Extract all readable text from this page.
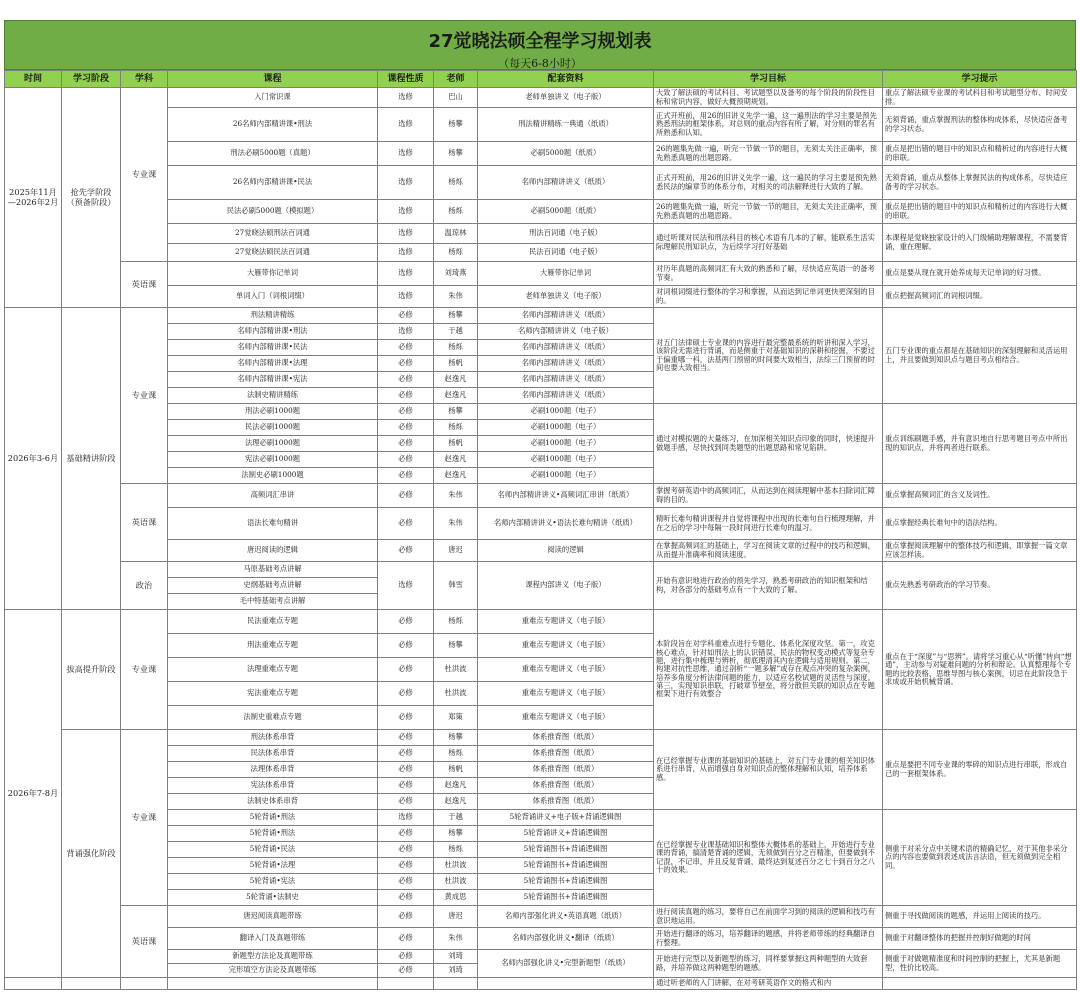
27觉晓法硕全程学习规划表
（每天6-8小时）
时间	学习阶段	学科	课程	课程性质	老师	配套资料	学习目标	学习提示
2025年11月—2026年2月	抢先学阶段（预备阶段）	专业课	入门常识课	选修	巴山	老师单独讲义（电子版）	大致了解法硕的考试科目、考试题型以及备考的每个阶段的阶段性目标和常识内容，做好大概预期规划。	重点了解法硕专业课的考试科目和考试题型分布、时间安排。
			26名师内部精讲课•刑法	选修	杨攀	刑法精讲精练一典通（纸质）	正式开班前，用26的旧讲义先学一遍，这一遍刑法的学习主要是预先熟悉刑法的框架体系，对总则的重点内容有所了解，对分则的罪名有所熟悉和认知。	无须背诵，重点掌握刑法的整体构成体系，尽快适应备考的学习状态。
			刑法必刷5000题（真题）	选修	杨攀	必刷5000题（纸质）	26的题集先做一遍，听完一节做一节的题目，无须太关注正确率，预先熟悉真题的出题思路。	重点是把出错的题目中的知识点和精析过的内容进行大概的串联。
			26名师内部精讲课•民法	选修	杨烁	名师内部精讲讲义（纸质）	正式开班前，用26的旧讲义先学一遍，这一遍民的学习主要是预先熟悉民法的编章节的体系分布，对相关的司法解释进行大致的了解。	无须背诵，重点从整体上掌握民法的构成体系，尽快适应备考的学习状态。
			民法必刷5000题（模拟题）	选修	杨烁	必刷5000题（纸质）	26的题集先做一遍，听完一节做一节的题目，无须太关注正确率，预先熟悉真题的出题思路。	重点是把出错的题目中的知识点和精析过的内容进行大概的串联。
			27觉晓法硕刑法百词通	选修	温琼林	刑法百词通（电子版）	通过听课对民法和刑法科目的核心术语有几本的了解，能联系生活实际理解民刑知识点，为后续学习打好基础	本课程是觉晓独家设计的入门级辅助理解课程，不需要背诵，重在理解。
			27觉晓法硕民法百词通	选修	杨烁	民法百词通（电子版）		
		英语课	大雁带你记单词	选修	刘琦燕	大雁带你记单词	对历年真题的高频词汇有大致的熟悉和了解，尽快适应英语一的备考节奏。	重点是要从现在就开始养成每天记单词的好习惯。
			单词入门（词根词缀）	选修	朱伟	老师单独讲义（电子版）	对词根词缀进行整体的学习和掌握，从而达到记单词更快更深刻的目的。	重点把握高频词汇的词根词缀。
2026年3-6月	基础精讲阶段	专业课	刑法精讲精练	必修	杨攀	名师内部精讲讲义（纸质）	对五门法律硕士专业课的内容进行最完整最系统的听讲和深入学习，该阶段无需进行背诵，而是侧重于对基础知识的深耕和挖掘，不要过于偏重哪一科，法基两门预留的时间要大致相当，法综三门预留的时间也要大致相当。	五门专业课的重点都是在基础知识的深刻理解和灵活运用上，并且要做到知识点与题目考点相结合。
			名师内部精讲课•刑法	选修	于越	名师内部精讲讲义（电子版）		
			名师内部精讲课•民法	必修	杨烁	名师内部精讲讲义（纸质）		
			名师内部精讲课•法理	必修	杨帆	名师内部精讲讲义（纸质）		
			名师内部精讲课•宪法	必修	赵逸凡	名师内部精讲讲义（纸质）		
			法制史精讲精练	必修	赵逸凡	名师内部精讲讲义（纸质）		
			刑法必刷1000题	必修	杨攀	必刷1000题（电子）	通过对模拟题的大量练习，在加深相关知识点印象的同时，快速提升做题手感，尽快找到同类题型的出题思路和常见陷阱。	重点训练刷题手感，并有意识地自行思考题目考点中所出现的知识点，并将两者进行联系。
			民法必刷1000题	必修	杨烁	必刷1000题（电子）		
			法理必刷1000题	必修	杨帆	必刷1000题（电子）		
			宪法必刷1000题	必修	赵逸凡	必刷1000题（电子）		
			法制史必刷1000题	必修	赵逸凡	必刷1000题（电子）		
		英语课	高频词汇串讲	必修	朱伟	名师内部精讲讲义•高频词汇串讲（纸质）	掌握考研英语中的高频词汇，从而达到在阅读理解中基本扫除词汇障碍的目的。	重点掌握高频词汇的含义及词性。
			语法长难句精讲	必修	朱伟	名师内部精讲讲义•语法长难句精讲（纸质）	精听长难句精讲课程并自觉将课程中出现的长难句自行梳理理解，并在之后的学习中每隔一段时间进行长难句的温习。	重点掌握经典长难句中的语法结构。
			唐迟阅读的逻辑	必修	唐迟	阅读的逻辑	在掌握高频词汇的基础上，学习在阅读文章的过程中的技巧和逻辑，从而提升准确率和阅读速度。	重点掌握阅读理解中的整体技巧和逻辑，即掌握一篇文章应该怎样读。
		政治	马原基础考点讲解	选修	韩雪	课程内部讲义（电子版）	开始有意识地进行政治的预先学习，熟悉考研政治的知识框架和结构，对各部分的基础考点有一个大致的了解。	重点先熟悉考研政治的学习节奏。
			史纲基础考点讲解					
			毛中特基础考点讲解					
2026年7-8月	拔高提升阶段	专业课	民法重难点专题	必修	杨烁	重难点专题讲义（电子版）	本阶段旨在对学科重难点进行专题化、体系化深度攻坚。第一，攻克核心难点，针对如刑法上的认识错误、民法的物权变动模式等复杂专题，进行集中梳理与辨析，彻底理清其内在逻辑与适用规则。第二，构建对抗性思维，通过剖析“一题多解”或存在观点冲突的复杂案例，培养多角度分析法律问题的能力，以适应名校试题的灵活性与深度。第三，实现知识串联，打破章节壁垒，将分散但关联的知识点在专题框架下进行有效整合	重点在于“深度”与“思辨”。请将学习重心从“听懂”转向“想通”，主动参与对疑难问题的分析和辩论。认真整理每个专题的比较表格、思维导图与核心案例，切忌在此阶段急于求成或开始机械背诵。
			刑法重难点专题	必修	杨攀	重难点专题讲义（电子版）		
			法理重难点专题	必修	杜洪波	重难点专题讲义（电子版）		
			宪法重难点专题	必修	杜洪波	重难点专题讲义（电子版）		
			法制史重难点专题	必修	郑策	重难点专题讲义（电子版）		
	背诵强化阶段	专业课	刑法体系串背	必修	杨攀	体系推背图（纸质）	在已经掌握专业课的基础知识的基础上，对五门专业课的相关知识体系进行串背，从而增强自身对知识点的整体理解和认知，培养体系感。	重点是要把不同专业课的零碎的知识点进行串联，形成自己的一套框架体系。
			民法体系串背	必修	杨烁	体系推背图（纸质）		
			法理体系串背	必修	杨帆	体系推背图（纸质）		
			宪法体系串背	必修	赵逸凡	体系推背图（纸质）		
			法制史体系串背	必修	赵逸凡	体系推背图（纸质）		
			5轮背诵•刑法	选修	于越	5轮背诵讲义+电子版+背诵逻辑图	在已经掌握专业课基础知识和整体大概体系的基础上，开始进行专业课的背诵，搞清楚背诵的逻辑，无须做到百分之百精准，但要做到不记混，不记串，并且反复背诵，最终达到复述百分之七十到百分之八十的效果。	侧重于对采分点中关键术语的精确记忆，对于其他非采分点的内容也要做到表述成法言法语，但无须做到完全相同。
			5轮背诵•刑法	必修	杨攀	5轮背诵讲义+背诵逻辑图		
			5轮背诵•民法	必修	杨烁	5轮背诵图书+背诵逻辑图		
			5轮背诵•法理	必修	杜洪波	5轮背诵图书+背诵逻辑图		
			5轮背诵•宪法	必修	杜洪波	5轮背诵图书+背诵逻辑图		
			5轮背诵•法制史	必修	黄成思	5轮背诵图书+背诵逻辑图		
		英语课	唐迟阅读真题带练	必修	唐迟	名师内部强化讲义•英语真题（纸质）	进行阅读真题的练习，要将自己在前面学习到的阅读的逻辑和技巧有意识地运用。	侧重于寻找做阅读的题感，并运用上阅读的技巧。
			翻译入门及真题带练	必修	朱伟	名师内部强化讲义•翻译（纸质）	开始进行翻译的练习，培养翻译的题感，并将老师带练的经典翻译自行整理。	侧重于对翻译整体的把握并控制好做题的时间
			新题型方法论及真题带练	必修	刘琦	名师内部强化讲义•完型新题型（纸质）	开始进行完型以及新题型的练习，同样要掌握这两种题型的大致套路，并培养做这两种题型的题感。	侧重于对做题精准度和时间控制的把握上，尤其是新题型，性价比较高。
			完形填空方法论及真题带练	必修	刘琦			
							通过听老师的入门讲解，在对考研英语作文的格式和内	
